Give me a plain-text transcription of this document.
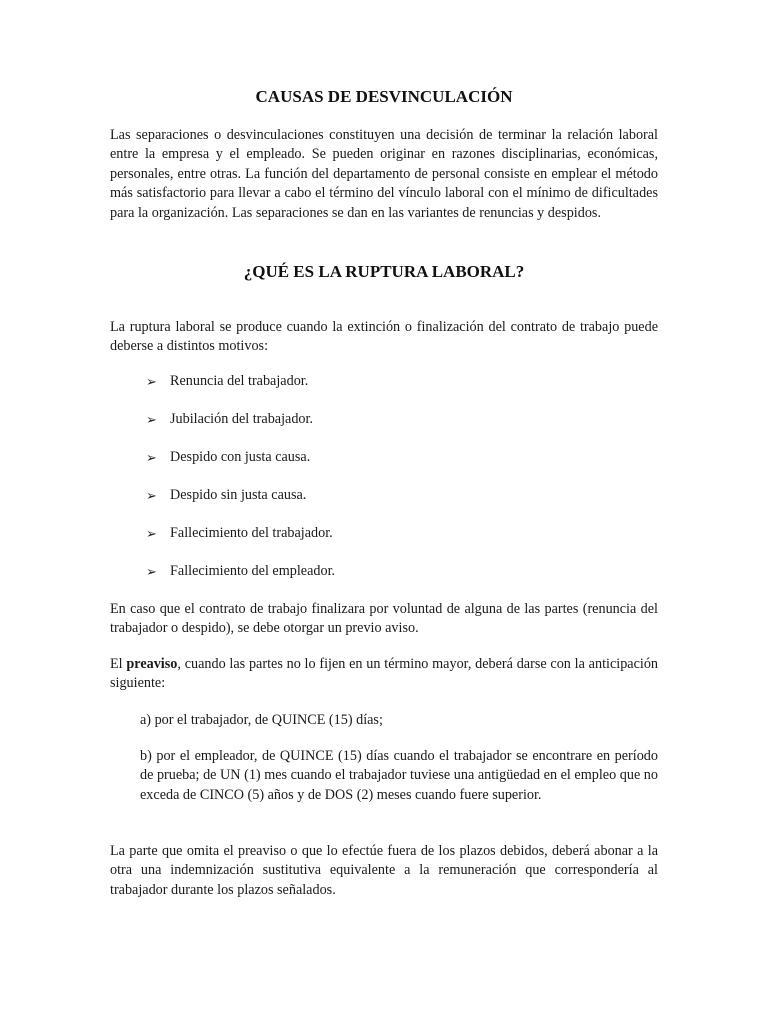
CAUSAS DE DESVINCULACIÓN

Las separaciones o desvinculaciones constituyen una decisión de terminar la relación laboral entre la empresa y el empleado. Se pueden originar en razones disciplinarias, económicas, personales, entre otras. La función del departamento de personal consiste en emplear el método más satisfactorio para llevar a cabo el término del vínculo laboral con el mínimo de dificultades para la organización. Las separaciones se dan en las variantes de renuncias y despidos.

¿QUÉ ES LA RUPTURA LABORAL?

La ruptura laboral se produce cuando la extinción o finalización del contrato de trabajo puede deberse a distintos motivos:

➢ Renuncia del trabajador.
➢ Jubilación del trabajador.
➢ Despido con justa causa.
➢ Despido sin justa causa.
➢ Fallecimiento del trabajador.
➢ Fallecimiento del empleador.

En caso que el contrato de trabajo finalizara por voluntad de alguna de las partes (renuncia del trabajador o despido), se debe otorgar un previo aviso.

El preaviso, cuando las partes no lo fijen en un término mayor, deberá darse con la anticipación siguiente:

a) por el trabajador, de QUINCE (15) días;

b) por el empleador, de QUINCE (15) días cuando el trabajador se encontrare en período de prueba; de UN (1) mes cuando el trabajador tuviese una antigüedad en el empleo que no exceda de CINCO (5) años y de DOS (2) meses cuando fuere superior.

La parte que omita el preaviso o que lo efectúe fuera de los plazos debidos, deberá abonar a la otra una indemnización sustitutiva equivalente a la remuneración que correspondería al trabajador durante los plazos señalados.
